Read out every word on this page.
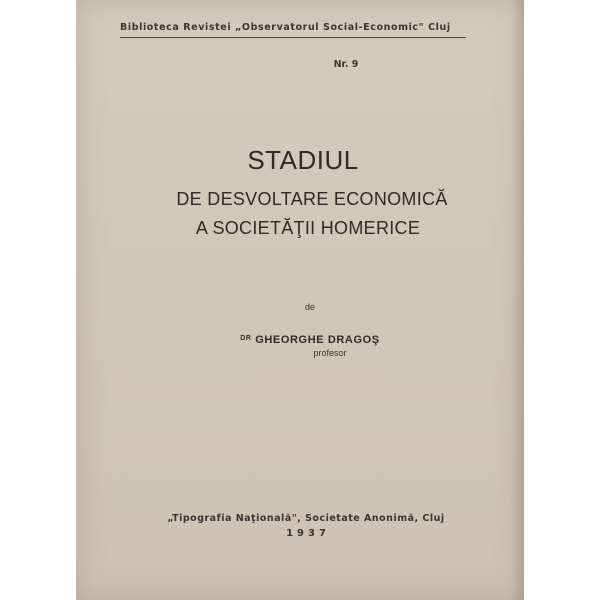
Biblioteca Revistei „Observatorul Social-Economic" Cluj
Nr. 9
STADIUL
DE DESVOLTARE ECONOMICĂ
A SOCIETĂŢII HOMERICE
de
$^{DR}$ GHEORGHE DRAGOŞ
profesor
„Tipografia Naţională", Societate Anonimă, Cluj
1937
